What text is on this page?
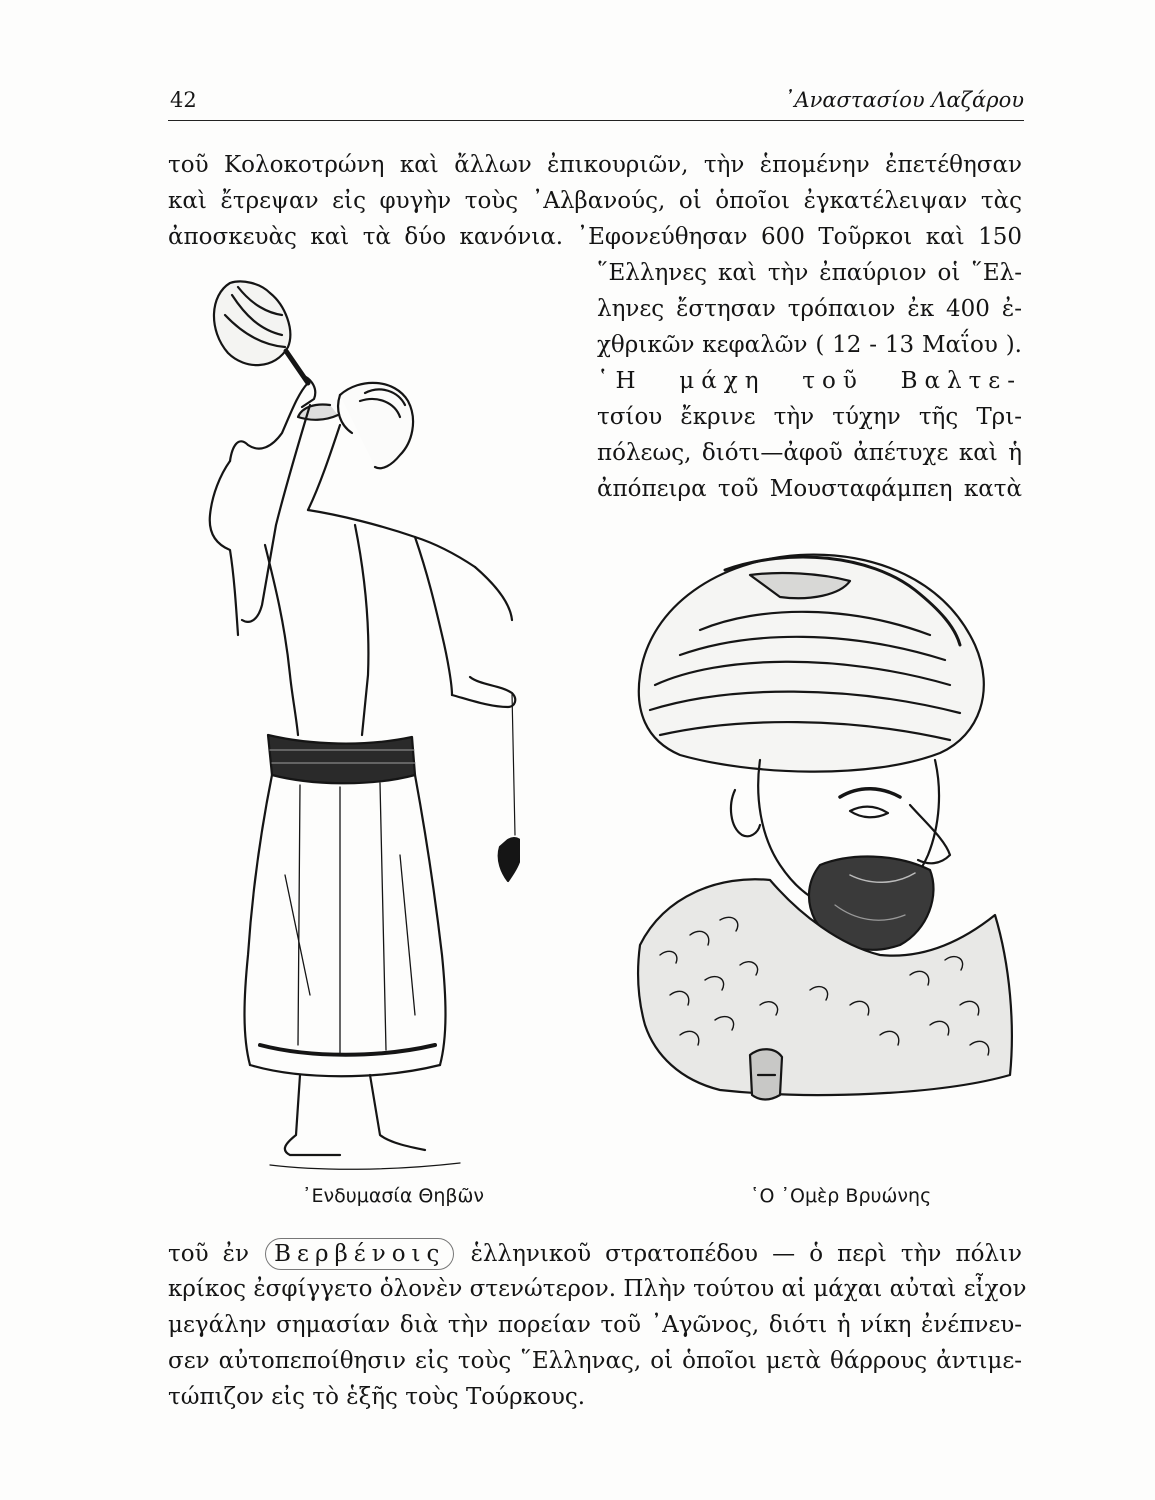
42	᾿Αναστασίου Λαζάρου
τοῦ Κολοκοτρώνη καὶ ἄλλων ἐπικουριῶν, τὴν ἑπομένην ἐπετέθησαν
καὶ ἔτρεψαν εἰς φυγὴν τοὺς ᾿Αλβανούς, οἱ ὁποῖοι ἐγκατέλειψαν τὰς
ἀποσκευὰς καὶ τὰ δύο κανόνια. ᾿Εφονεύθησαν 600 Τοῦρκοι καὶ 150
῞Ελληνες καὶ τὴν ἐπαύριον οἱ ῞Ελ-
ληνες ἔστησαν τρόπαιον ἐκ 400 ἐ-
χθρικῶν κεφαλῶν ( 12 - 13 Μαΐου ).
῾Η μάχη τοῦ Βαλτε-
τσίου ἔκρινε τὴν τύχην τῆς Τρι-
πόλεως, διότι—ἀφοῦ ἀπέτυχε καὶ ἡ
ἀπόπειρα τοῦ Μουσταφάμπεη κατὰ
᾿Ενδυμασία Θηβῶν	῾Ο ᾿Ομὲρ Βρυώνης
τοῦ ἐν Βερβένοις ἑλληνικοῦ στρατοπέδου — ὁ περὶ τὴν πόλιν
κρίκος ἐσφίγγετο ὁλονὲν στενώτερον. Πλὴν τούτου αἱ μάχαι αὐταὶ εἶχον
μεγάλην σημασίαν διὰ τὴν πορείαν τοῦ ᾿Αγῶνος, διότι ἡ νίκη ἐνέπνευ-
σεν αὐτοπεποίθησιν εἰς τοὺς ῞Ελληνας, οἱ ὁποῖοι μετὰ θάρρους ἀντιμε-
τώπιζον εἰς τὸ ἑξῆς τοὺς Τούρκους.
